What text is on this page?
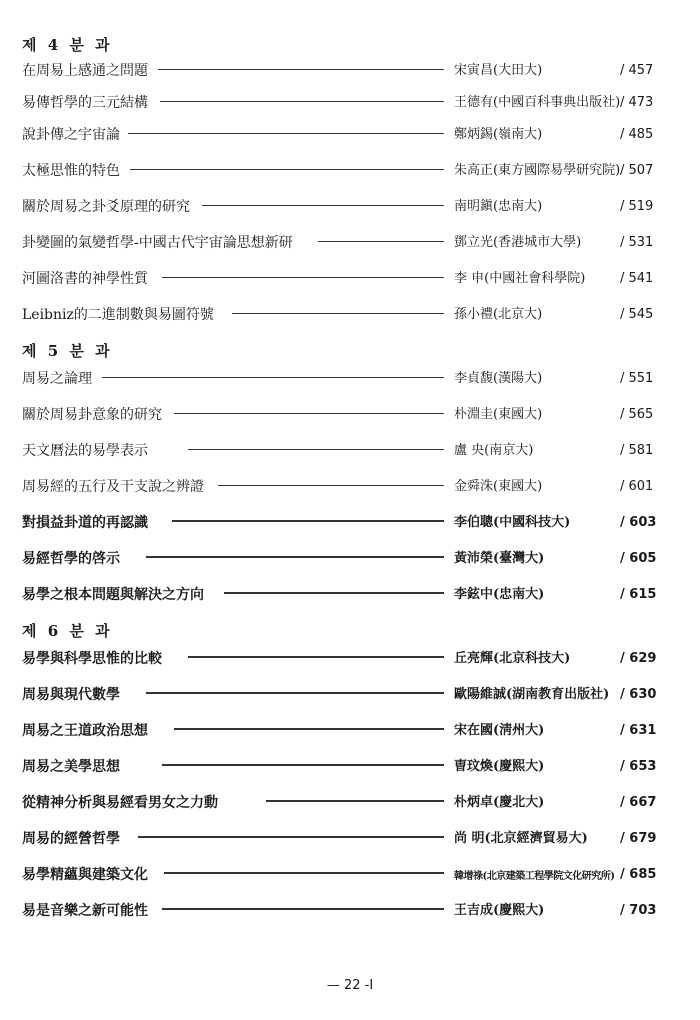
제 4 분 과
在周易上感通之問題	宋寅昌(大田大)	/ 457
易傳哲學的三元結構	王德有(中國百科事典出版社) / 473
說卦傳之宇宙論	鄭炳錫(嶺南大)	/ 485
太極思惟的特色	朱高正(東方國際易學研究院) / 507
關於周易之卦爻原理的研究	南明鎭(忠南大)	/ 519
卦變圖的氣變哲學-中國古代宇宙論思想新研	鄧立光(香港城市大學)	/ 531
河圖洛書的神學性質	李 申(中國社會科學院)	/ 541
Leibniz的二進制數與易圖符號	孫小禮(北京大)	/ 545
제 5 분 과
周易之論理	李貞馥(漢陽大)	/ 551
關於周易卦意象的研究	朴淵圭(東國大)	/ 565
天文曆法的易學表示	盧 央(南京大)	/ 581
周易經的五行及干支說之辨證	金舜洙(東國大)	/ 601
對損益卦道的再認識	李伯聰(中國科技大)	/ 603
易經哲學的啓示	黃沛榮(臺灣大)	/ 605
易學之根本問題與解決之方向	李鉉中(忠南大)	/ 615
제 6 분 과
易學與科學思惟的比較	丘亮輝(北京科技大)	/ 629
周易與現代數學	歐陽維誠(湖南教育出版社) / 630
周易之王道政治思想	宋在國(淸州大)	/ 631
周易之美學思想	曺玟煥(慶熙大)	/ 653
從精神分析與易經看男女之力動	朴炳卓(慶北大)	/ 667
周易的經營哲學	尚 明(北京經濟貿易大) / 679
易學精蘊與建築文化	韓增祿(北京建築工程學院文化研究所) / 685
易是音樂之新可能性	王吉成(慶熙大)	/ 703
— 22 -I
